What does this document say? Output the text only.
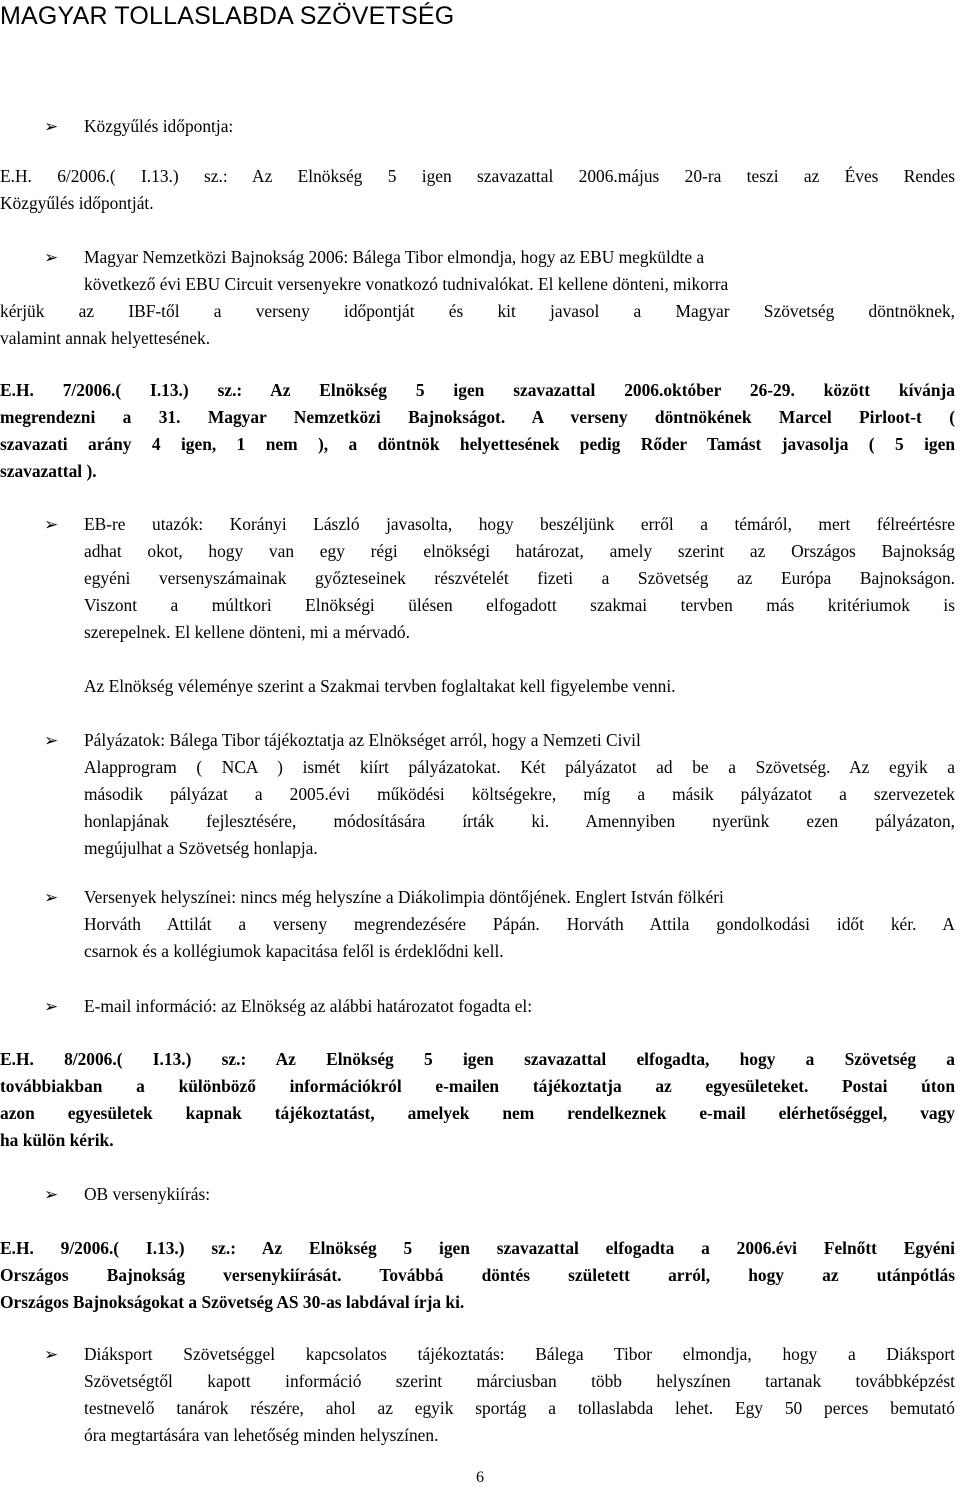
MAGYAR TOLLASLABDA SZÖVETSÉG
➢	Közgyűlés időpontja:
E.H. 6/2006.( I.13.) sz.: Az Elnökség 5 igen szavazattal 2006.május 20-ra teszi az Éves Rendes
Közgyűlés időpontját.
➢ Magyar Nemzetközi Bajnokság 2006: Bálega Tibor elmondja, hogy az EBU megküldte a
következő évi EBU Circuit versenyekre vonatkozó tudnivalókat. El kellene dönteni, mikorra
kérjük az IBF-től a verseny időpontját és kit javasol a Magyar Szövetség döntnöknek,
valamint annak helyettesének.
E.H. 7/2006.( I.13.) sz.: Az Elnökség 5 igen szavazattal 2006.október 26-29. között kívánja
megrendezni a 31. Magyar Nemzetközi Bajnokságot. A verseny döntnökének Marcel Pirloot-t (
szavazati arány 4 igen, 1 nem ), a döntnök helyettesének pedig Rőder Tamást javasolja ( 5 igen
szavazattal ).
➢ EB-re utazók: Korányi László javasolta, hogy beszéljünk erről a témáról, mert félreértésre
adhat okot, hogy van egy régi elnökségi határozat, amely szerint az Országos Bajnokság
egyéni versenyszámainak győzteseinek részvételét fizeti a Szövetség az Európa Bajnokságon.
Viszont a múltkori Elnökségi ülésen elfogadott szakmai tervben más kritériumok is
szerepelnek. El kellene dönteni, mi a mérvadó.
Az Elnökség véleménye szerint a Szakmai tervben foglaltakat kell figyelembe venni.
➢ Pályázatok: Bálega Tibor tájékoztatja az Elnökséget arról, hogy a Nemzeti Civil
Alapprogram ( NCA ) ismét kiírt pályázatokat. Két pályázatot ad be a Szövetség. Az egyik a
második pályázat a 2005.évi működési költségekre, míg a másik pályázatot a szervezetek
honlapjának fejlesztésére, módosítására írták ki. Amennyiben nyerünk ezen pályázaton,
megújulhat a Szövetség honlapja.
➢ Versenyek helyszínei: nincs még helyszíne a Diákolimpia döntőjének. Englert István fölkéri
Horváth Attilát a verseny megrendezésére Pápán. Horváth Attila gondolkodási időt kér. A
csarnok és a kollégiumok kapacitása felől is érdeklődni kell.
➢	E-mail információ: az Elnökség az alábbi határozatot fogadta el:
E.H. 8/2006.( I.13.) sz.: Az Elnökség 5 igen szavazattal elfogadta, hogy a Szövetség a
továbbiakban a különböző információkról e-mailen tájékoztatja az egyesületeket. Postai úton
azon egyesületek kapnak tájékoztatást, amelyek nem rendelkeznek e-mail elérhetőséggel, vagy
ha külön kérik.
➢	OB versenykiírás:
E.H. 9/2006.( I.13.) sz.: Az Elnökség 5 igen szavazattal elfogadta a 2006.évi Felnőtt Egyéni
Országos Bajnokság versenykiírását. Továbbá döntés született arról, hogy az utánpótlás
Országos Bajnokságokat a Szövetség AS 30-as labdával írja ki.
➢ Diáksport Szövetséggel kapcsolatos tájékoztatás: Bálega Tibor elmondja, hogy a Diáksport
Szövetségtől kapott információ szerint márciusban több helyszínen tartanak továbbképzést
testnevelő tanárok részére, ahol az egyik sportág a tollaslabda lehet. Egy 50 perces bemutató
óra megtartására van lehetőség minden helyszínen.
6
